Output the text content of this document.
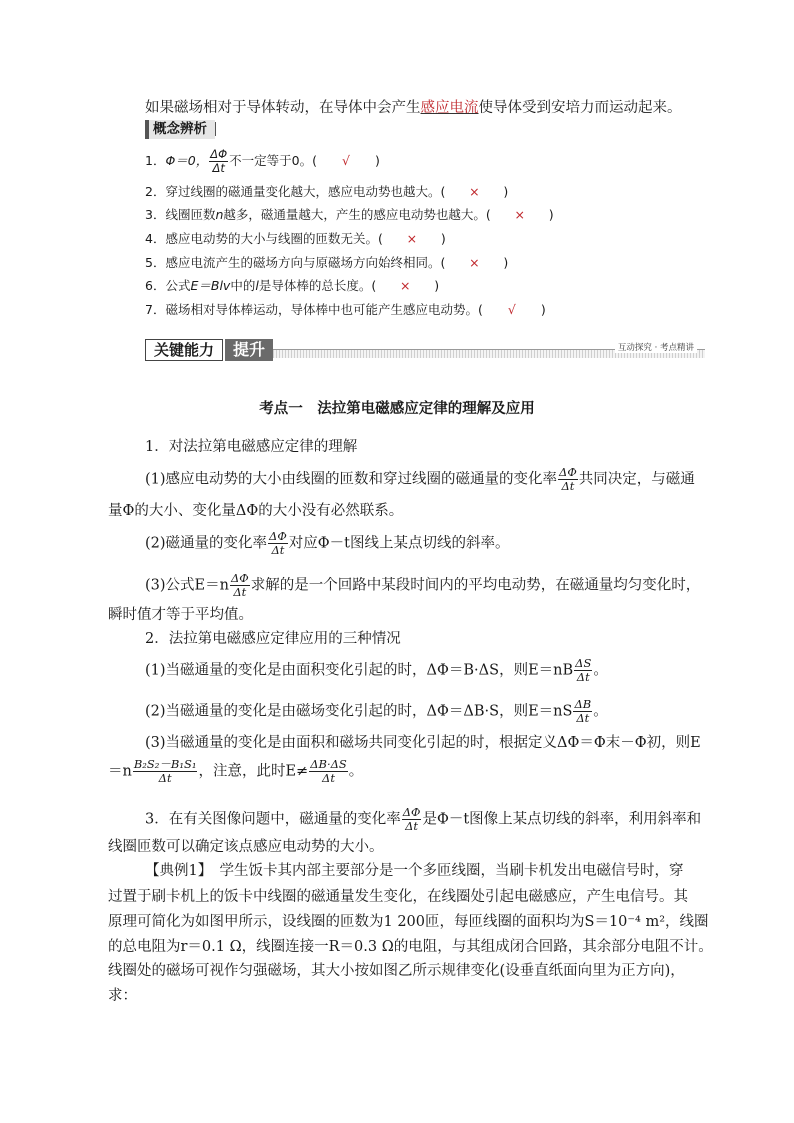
如果磁场相对于导体转动，在导体中会产生感应电流使导体受到安培力而运动起来。
概念辨析
1．Φ＝0， $\frac{\Delta\Phi}{\Delta t}$ 不一定等于0。( √ )
2．穿过线圈的磁通量变化越大，感应电动势也越大。( × )
3．线圈匝数n越多，磁通量越大，产生的感应电动势也越大。( × )
4．感应电动势的大小与线圈的匝数无关。( × )
5．感应电流产生的磁场方向与原磁场方向始终相同。( × )
6．公式E＝Blv中的l是导体棒的总长度。( × )
7．磁场相对导体棒运动，导体棒中也可能产生感应电动势。( √ )
关键能力	提升	互动探究 · 考点精讲
考点一　法拉第电磁感应定律的理解及应用
1．对法拉第电磁感应定律的理解
(1)感应电动势的大小由线圈的匝数和穿过线圈的磁通量的变化率 $\frac{\Delta\Phi}{\Delta t}$ 共同决定，与磁通
量Φ的大小、变化量ΔΦ的大小没有必然联系。
(2)磁通量的变化率 $\frac{\Delta\Phi}{\Delta t}$ 对应Φ－t图线上某点切线的斜率。
(3)公式$E=n \frac{\Delta\Phi}{\Delta t}$ 求解的是一个回路中某段时间内的平均电动势，在磁通量均匀变化时，
瞬时值才等于平均值。
2．法拉第电磁感应定律应用的三种情况
(1)当磁通量的变化是由面积变化引起的时，ΔΦ＝B·ΔS，则$E=nB \frac{\Delta S}{\Delta t}$ 。
(2)当磁通量的变化是由磁场变化引起的时，ΔΦ＝ΔB·S，则$E=nS \frac{\Delta B}{\Delta t}$ 。
(3)当磁通量的变化是由面积和磁场共同变化引起的时，根据定义ΔΦ＝Φ末－Φ初，则E
$=n \frac{\text{B₂S₂－B₁S₁}}{\Delta t}$ ，注意，此时$E\ne \frac{\Delta B\cdot\Delta S}{\Delta t}$ 。
3．在有关图像问题中，磁通量的变化率 $\frac{\Delta\Phi}{\Delta t}$ 是Φ－t图像上某点切线的斜率，利用斜率和
线圈匝数可以确定该点感应电动势的大小。
【典例1】　学生饭卡其内部主要部分是一个多匝线圈，当刷卡机发出电磁信号时，穿
过置于刷卡机上的饭卡中线圈的磁通量发生变化，在线圈处引起电磁感应，产生电信号。其
原理可简化为如图甲所示，设线圈的匝数为1 200匝，每匝线圈的面积均为S＝10⁻⁴ m²，线圈
的总电阻为r＝0.1 Ω，线圈连接一R＝0.3 Ω的电阻，与其组成闭合回路，其余部分电阻不计。
线圈处的磁场可视作匀强磁场，其大小按如图乙所示规律变化(设垂直纸面向里为正方向)，
求：
